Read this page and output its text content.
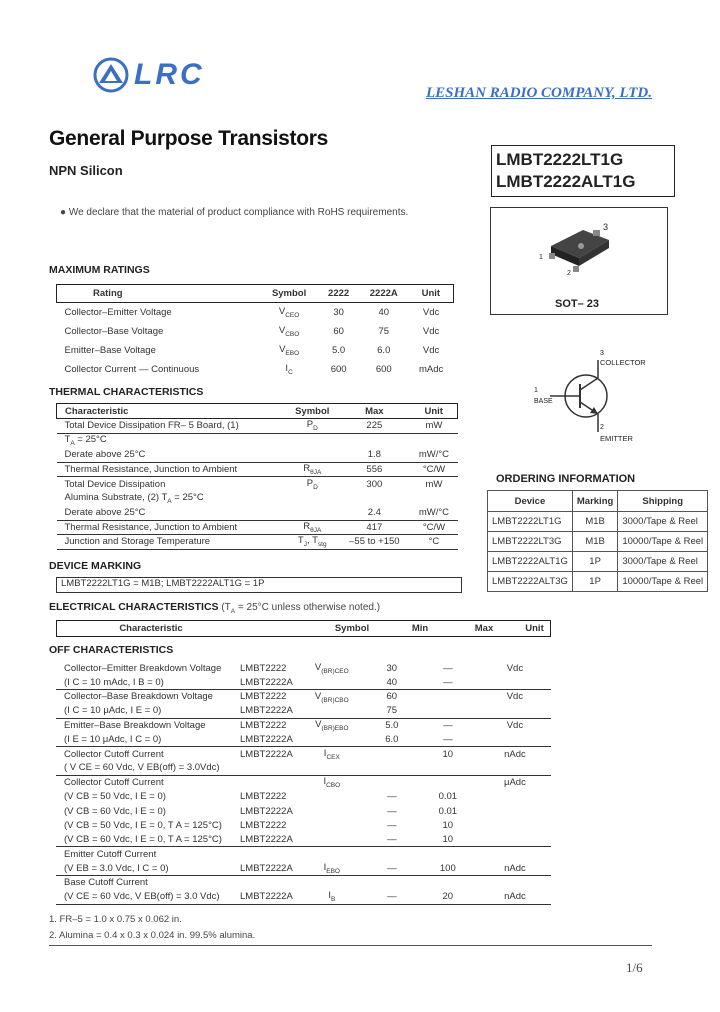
LRC
LESHAN RADIO COMPANY, LTD.
General Purpose Transistors
NPN Silicon
LMBT2222LT1G
LMBT2222ALT1G
● We declare that the material of product compliance with RoHS requirements.
3
1
2
SOT– 23
3
COLLECTOR
1
BASE
2
EMITTER
MAXIMUM RATINGS
Rating	Symbol	2222	2222A	Unit
Collector–Emitter Voltage	$V_{CEO}$	30	40	Vdc
Collector–Base Voltage	$V_{CBO}$	60	75	Vdc
Emitter–Base Voltage	$V_{EBO}$	5.0	6.0	Vdc
Collector Current — Continuous	$I_C$	600	600	mAdc
THERMAL CHARACTERISTICS
Characteristic	Symbol	Max	Unit
Total Device Dissipation FR– 5 Board, (1)	$P_D$	225	mW
$T_A = 25^\circ C$			
Derate above 25°C		1.8	mW/°C
Thermal Resistance, Junction to Ambient	$R_{\theta JA}$	556	°C/W
Total Device Dissipation	$P_D$	300	mW
Alumina Substrate, (2) $T_A = 25^\circ C$			
Derate above 25°C		2.4	mW/°C
Thermal Resistance, Junction to Ambient	$R_{\theta JA}$	417	°C/W
Junction and Storage Temperature	$T_J$, $T_{stg}$	–55 to +150	°C
ORDERING INFORMATION
Device	Marking	Shipping
LMBT2222LT1G	M1B	3000/Tape & Reel
LMBT2222LT3G	M1B	10000/Tape & Reel
LMBT2222ALT1G	1P	3000/Tape & Reel
LMBT2222ALT3G	1P	10000/Tape & Reel
DEVICE MARKING
LMBT2222LT1G = M1B; LMBT2222ALT1G = 1P
ELECTRICAL CHARACTERISTICS ($T_A = 25^\circ C$ unless otherwise noted.)
Characteristic		Symbol	Min	Max	Unit
OFF CHARACTERISTICS
Collector–Emitter Breakdown Voltage	LMBT2222	$V_{(BR)CEO}$	30	—	Vdc
(I C = 10 mAdc, I B = 0)	LMBT2222A		40	—	
Collector–Base Breakdown Voltage	LMBT2222	$V_{(BR)CBO}$	60		Vdc
(I C = 10 μAdc, I E = 0)	LMBT2222A		75		
Emitter–Base Breakdown Voltage	LMBT2222	$V_{(BR)EBO}$	5.0	—	Vdc
(I E = 10 μAdc, I C = 0)	LMBT2222A		6.0	—	
Collector Cutoff Current	LMBT2222A	$I_{CEX}$		10	nAdc
( V CE = 60 Vdc, V EB(off) = 3.0Vdc)					
Collector Cutoff Current		$I_{CBO}$			μAdc
(V CB = 50 Vdc, I E = 0)	LMBT2222		—	0.01	
(V CB = 60 Vdc, I E = 0)	LMBT2222A		—	0.01	
(V CB = 50 Vdc, I E = 0, T A = 125°C)	LMBT2222		—	10	
(V CB = 60 Vdc, I E = 0, T A = 125°C)	LMBT2222A		—	10	
Emitter Cutoff Current					
(V EB = 3.0 Vdc, I C = 0)	LMBT2222A	$I_{EBO}$	—	100	nAdc
Base Cutoff Current					
(V CE = 60 Vdc, V EB(off) = 3.0 Vdc)	LMBT2222A	$I_B$	—	20	nAdc
1. FR–5 = 1.0 x 0.75 x 0.062 in.
2. Alumina = 0.4 x 0.3 x 0.024 in. 99.5% alumina.
1/6
